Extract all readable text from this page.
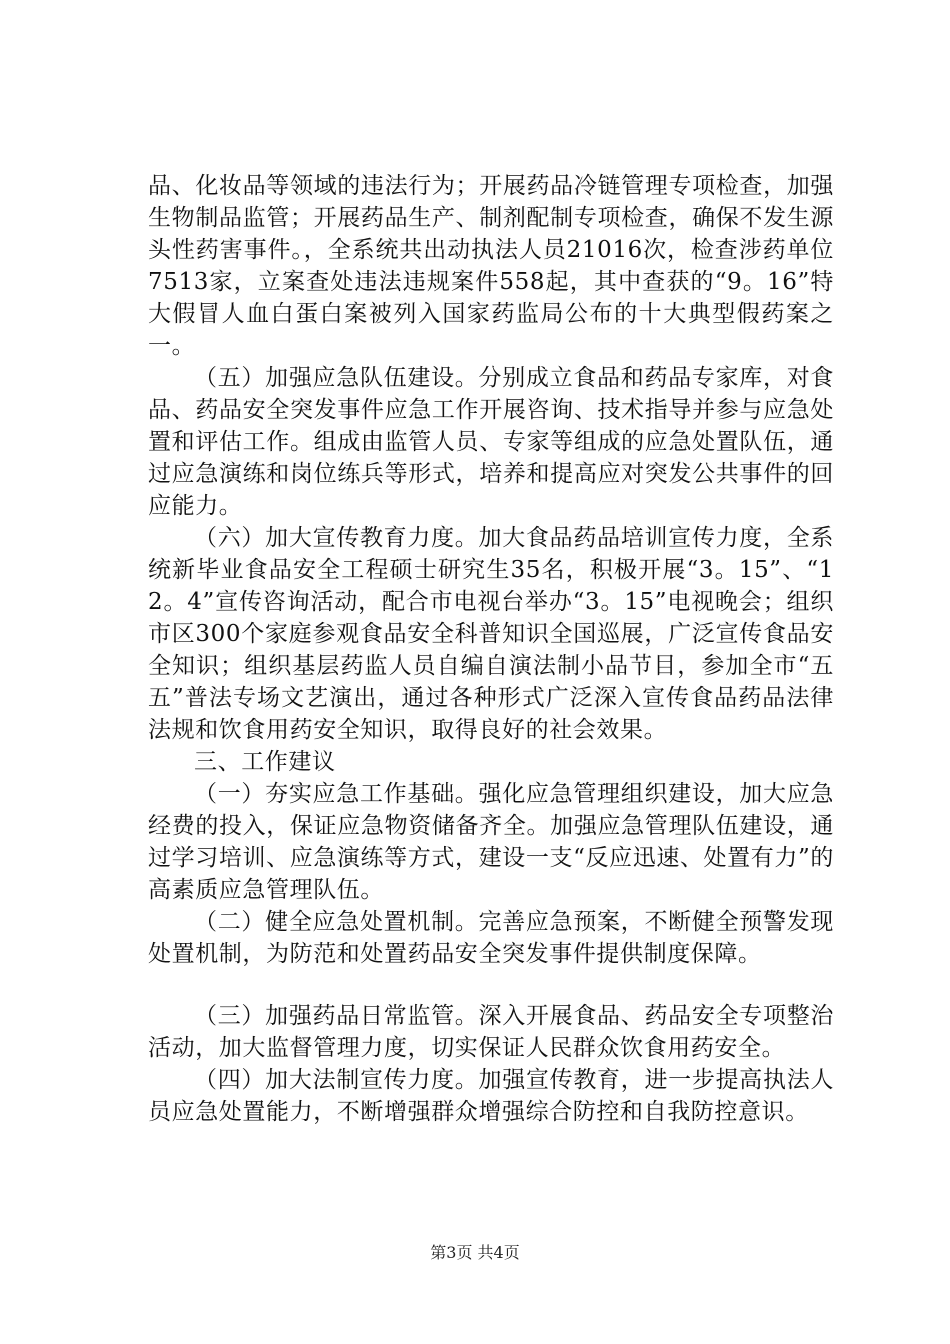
品、化妆品等领域的违法行为；开展药品冷链管理专项检查，加强生物制品监管；开展药品生产、制剂配制专项检查，确保不发生源头性药害事件。，全系统共出动执法人员21016次，检查涉药单位7513家，立案查处违法违规案件558起，其中查获的“9。16”特大假冒人血白蛋白案被列入国家药监局公布的十大典型假药案之一。

（五）加强应急队伍建设。分别成立食品和药品专家库，对食品、药品安全突发事件应急工作开展咨询、技术指导并参与应急处置和评估工作。组成由监管人员、专家等组成的应急处置队伍，通过应急演练和岗位练兵等形式，培养和提高应对突发公共事件的回应能力。

（六）加大宣传教育力度。加大食品药品培训宣传力度，全系统新毕业食品安全工程硕士研究生35名，积极开展“3。15”、“12。4”宣传咨询活动，配合市电视台举办“3。15”电视晚会；组织市区300个家庭参观食品安全科普知识全国巡展，广泛宣传食品安全知识；组织基层药监人员自编自演法制小品节目，参加全市“五五”普法专场文艺演出，通过各种形式广泛深入宣传食品药品法律法规和饮食用药安全知识，取得良好的社会效果。

三、工作建议

（一）夯实应急工作基础。强化应急管理组织建设，加大应急经费的投入，保证应急物资储备齐全。加强应急管理队伍建设，通过学习培训、应急演练等方式，建设一支“反应迅速、处置有力”的高素质应急管理队伍。

（二）健全应急处置机制。完善应急预案，不断健全预警发现处置机制，为防范和处置药品安全突发事件提供制度保障。

（三）加强药品日常监管。深入开展食品、药品安全专项整治活动，加大监督管理力度，切实保证人民群众饮食用药安全。

（四）加大法制宣传力度。加强宣传教育，进一步提高执法人员应急处置能力，不断增强群众增强综合防控和自我防控意识。

第3页 共4页
